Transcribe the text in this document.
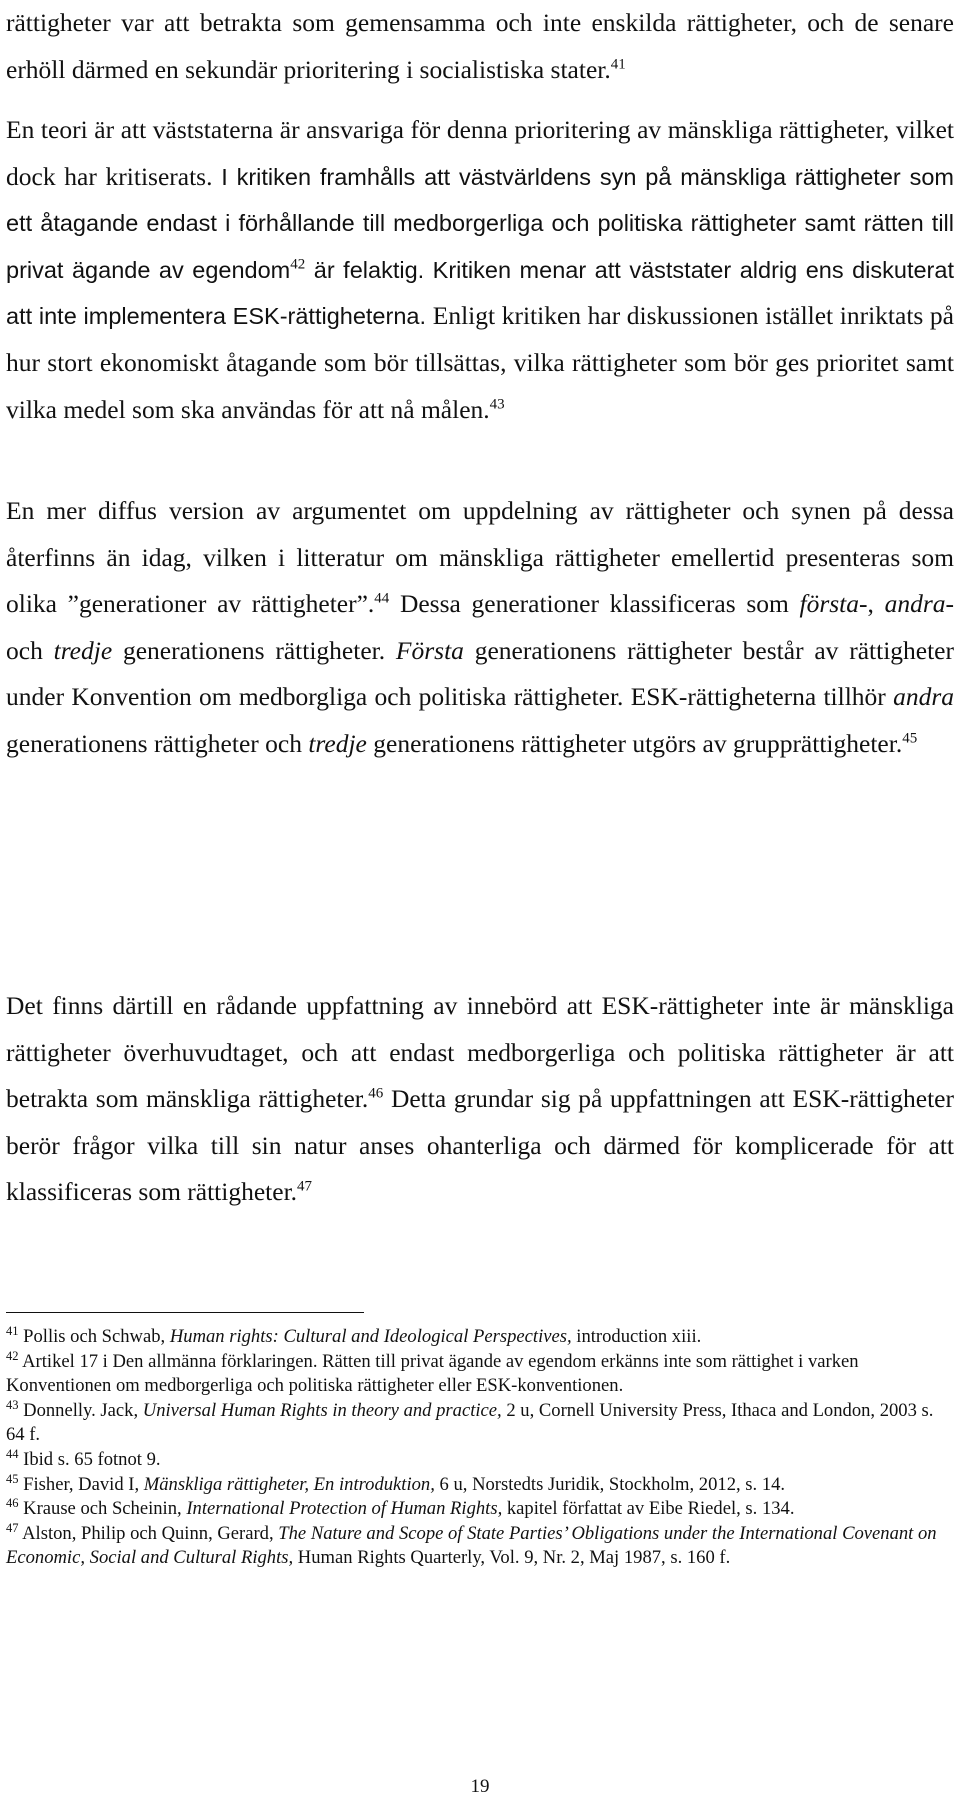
rättigheter var att betrakta som gemensamma och inte enskilda rättigheter, och de senare erhöll därmed en sekundär prioritering i socialistiska stater.$^{41}$

En teori är att väststaterna är ansvariga för denna prioritering av mänskliga rättigheter, vilket dock har kritiserats. I kritiken framhålls att västvärldens syn på mänskliga rättigheter som ett åtagande endast i förhållande till medborgerliga och politiska rättigheter samt rätten till privat ägande av egendom$^{42}$ är felaktig. Kritiken menar att väststater aldrig ens diskuterat att inte implementera ESK-rättigheterna. Enligt kritiken har diskussionen istället inriktats på hur stort ekonomiskt åtagande som bör tillsättas, vilka rättigheter som bör ges prioritet samt vilka medel som ska användas för att nå målen.$^{43}$

En mer diffus version av argumentet om uppdelning av rättigheter och synen på dessa återfinns än idag, vilken i litteratur om mänskliga rättigheter emellertid presenteras som olika ”generationer av rättigheter”.$^{44}$ Dessa generationer klassificeras som första-, andra- och tredje generationens rättigheter. Första generationens rättigheter består av rättigheter under Konvention om medborgliga och politiska rättigheter. ESK-rättigheterna tillhör andra generationens rättigheter och tredje generationens rättigheter utgörs av grupprättigheter.$^{45}$

Det finns därtill en rådande uppfattning av innebörd att ESK-rättigheter inte är mänskliga rättigheter överhuvudtaget, och att endast medborgerliga och politiska rättigheter är att betrakta som mänskliga rättigheter.$^{46}$ Detta grundar sig på uppfattningen att ESK-rättigheter berör frågor vilka till sin natur anses ohanterliga och därmed för komplicerade för att klassificeras som rättigheter.$^{47}$

$^{41}$ Pollis och Schwab, Human rights: Cultural and Ideological Perspectives, introduction xiii.

$^{42}$ Artikel 17 i Den allmänna förklaringen. Rätten till privat ägande av egendom erkänns inte som rättighet i varken Konventionen om medborgerliga och politiska rättigheter eller ESK-konventionen.

$^{43}$ Donnelly. Jack, Universal Human Rights in theory and practice, 2 u, Cornell University Press, Ithaca and London, 2003 s. 64 f.

$^{44}$ Ibid s. 65 fotnot 9.

$^{45}$ Fisher, David I, Mänskliga rättigheter, En introduktion, 6 u, Norstedts Juridik, Stockholm, 2012, s. 14.

$^{46}$ Krause och Scheinin, International Protection of Human Rights, kapitel författat av Eibe Riedel, s. 134.

$^{47}$ Alston, Philip och Quinn, Gerard, The Nature and Scope of State Parties’ Obligations under the International Covenant on Economic, Social and Cultural Rights, Human Rights Quarterly, Vol. 9, Nr. 2, Maj 1987, s. 160 f.

19
